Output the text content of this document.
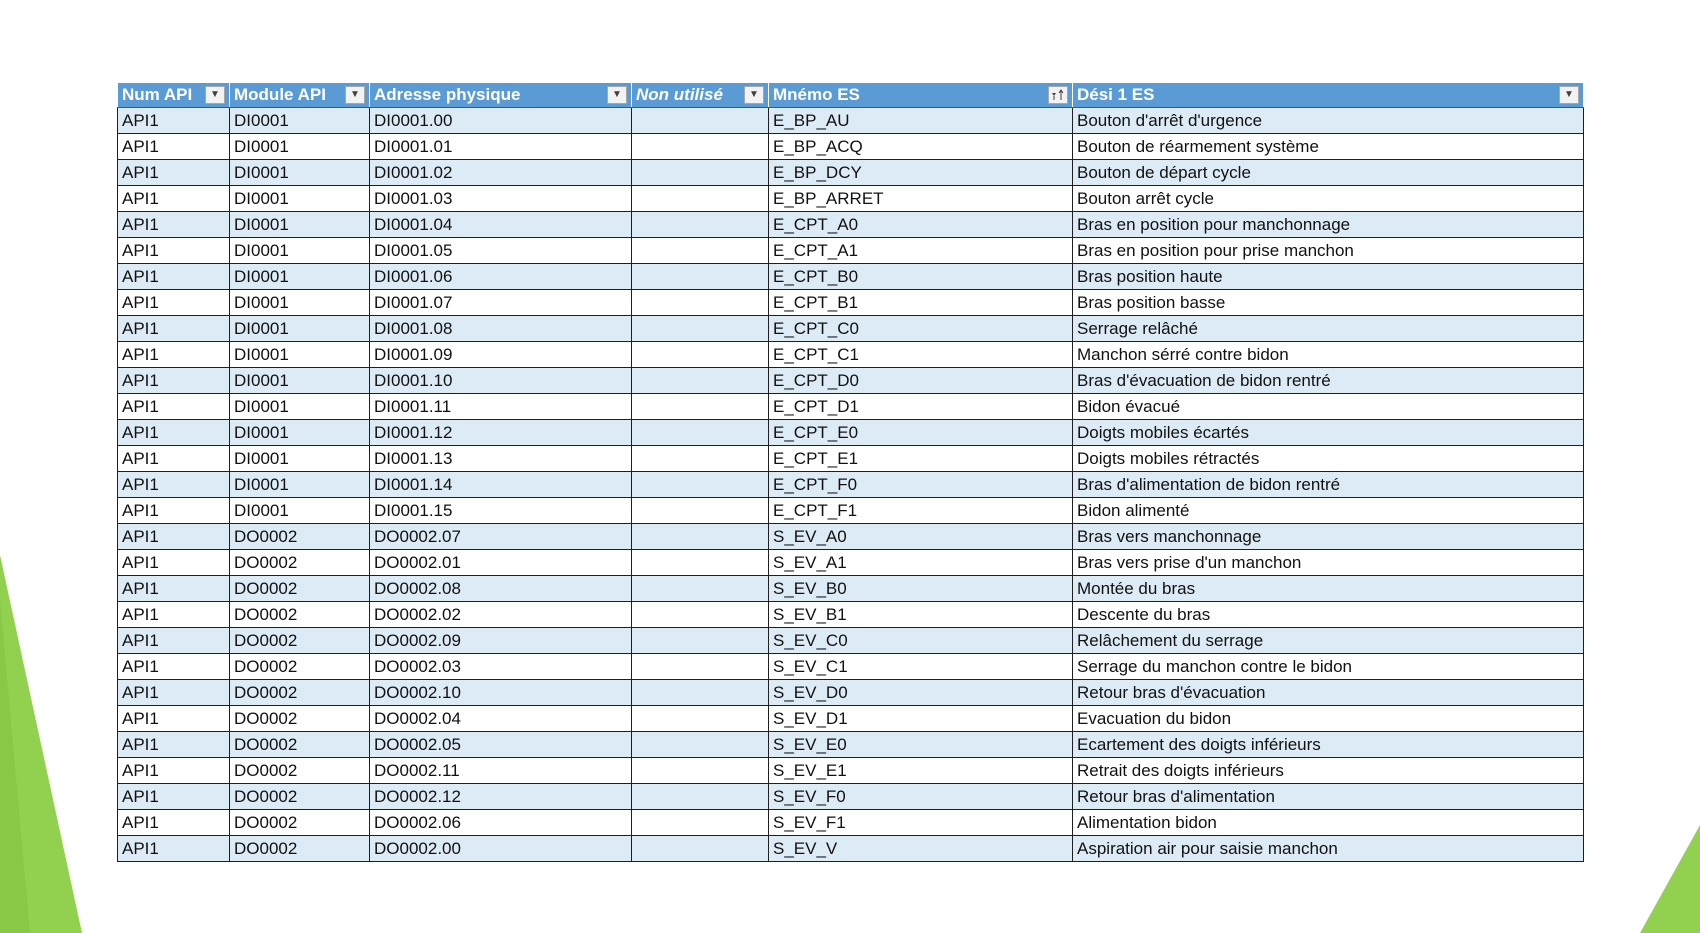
Num API ▼	Module API ▼	Adresse physique ▼	Non utilisé ▼	Mnémo ES	Dési 1 ES ▼

API1	DI0001	DI0001.00		E_BP_AU	Bouton d'arrêt d'urgence
API1	DI0001	DI0001.01		E_BP_ACQ	Bouton de réarmement système
API1	DI0001	DI0001.02		E_BP_DCY	Bouton de départ cycle
API1	DI0001	DI0001.03		E_BP_ARRET	Bouton arrêt cycle
API1	DI0001	DI0001.04		E_CPT_A0	Bras en position pour manchonnage
API1	DI0001	DI0001.05		E_CPT_A1	Bras en position pour prise manchon
API1	DI0001	DI0001.06		E_CPT_B0	Bras position haute
API1	DI0001	DI0001.07		E_CPT_B1	Bras position basse
API1	DI0001	DI0001.08		E_CPT_C0	Serrage relâché
API1	DI0001	DI0001.09		E_CPT_C1	Manchon sérré contre bidon
API1	DI0001	DI0001.10		E_CPT_D0	Bras d'évacuation de bidon rentré
API1	DI0001	DI0001.11		E_CPT_D1	Bidon évacué
API1	DI0001	DI0001.12		E_CPT_E0	Doigts mobiles écartés
API1	DI0001	DI0001.13		E_CPT_E1	Doigts mobiles rétractés
API1	DI0001	DI0001.14		E_CPT_F0	Bras d'alimentation de bidon rentré
API1	DI0001	DI0001.15		E_CPT_F1	Bidon alimenté
API1	DO0002	DO0002.07		S_EV_A0	Bras vers manchonnage
API1	DO0002	DO0002.01		S_EV_A1	Bras vers prise d'un manchon
API1	DO0002	DO0002.08		S_EV_B0	Montée du bras
API1	DO0002	DO0002.02		S_EV_B1	Descente du bras
API1	DO0002	DO0002.09		S_EV_C0	Relâchement du serrage
API1	DO0002	DO0002.03		S_EV_C1	Serrage du manchon contre le bidon
API1	DO0002	DO0002.10		S_EV_D0	Retour bras d'évacuation
API1	DO0002	DO0002.04		S_EV_D1	Evacuation du bidon
API1	DO0002	DO0002.05		S_EV_E0	Ecartement des doigts inférieurs
API1	DO0002	DO0002.11		S_EV_E1	Retrait des doigts inférieurs
API1	DO0002	DO0002.12		S_EV_F0	Retour bras d'alimentation
API1	DO0002	DO0002.06		S_EV_F1	Alimentation bidon
API1	DO0002	DO0002.00		S_EV_V	Aspiration air pour saisie manchon
